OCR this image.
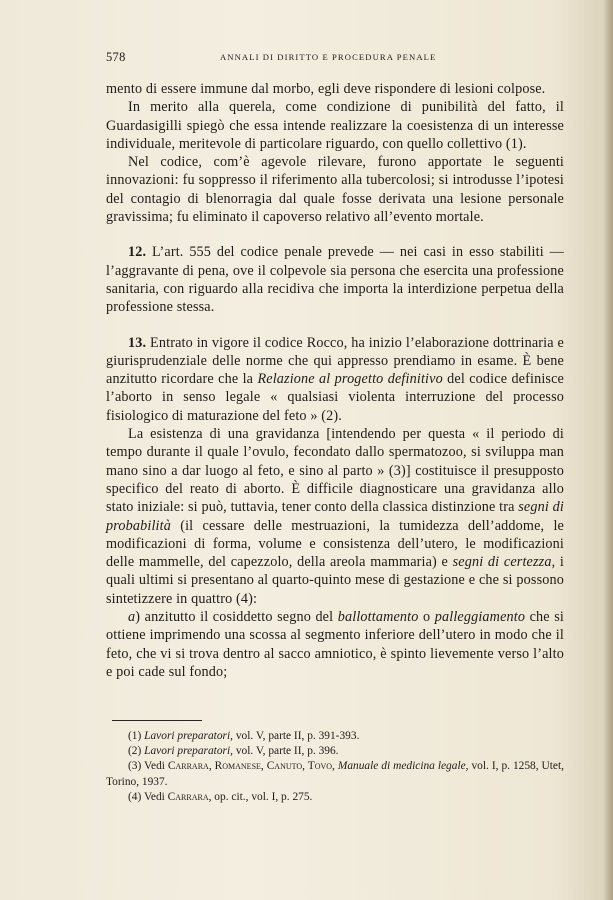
578	ANNALI DI DIRITTO E PROCEDURA PENALE

mento di essere immune dal morbo, egli deve rispondere di lesioni colpose.

In merito alla querela, come condizione di punibilità del fatto, il Guardasigilli spiegò che essa intende realizzare la coesistenza di un interesse individuale, meritevole di particolare riguardo, con quello collettivo (1).

Nel codice, com’è agevole rilevare, furono apportate le seguenti innovazioni: fu soppresso il riferimento alla tubercolosi; si introdusse l’ipotesi del contagio di blenorragia dal quale fosse derivata una lesione personale gravissima; fu eliminato il capoverso relativo all’evento mortale.

12. L’art. 555 del codice penale prevede — nei casi in esso stabiliti — l’aggravante di pena, ove il colpevole sia persona che esercita una professione sanitaria, con riguardo alla recidiva che importa la interdizione perpetua della professione stessa.

13. Entrato in vigore il codice Rocco, ha inizio l’elaborazione dottrinaria e giurisprudenziale delle norme che qui appresso prendiamo in esame. È bene anzitutto ricordare che la Relazione al progetto definitivo del codice definisce l’aborto in senso legale « qualsiasi violenta interruzione del processo fisiologico di maturazione del feto » (2).

La esistenza di una gravidanza [intendendo per questa « il periodo di tempo durante il quale l’ovulo, fecondato dallo spermatozoo, si sviluppa man mano sino a dar luogo al feto, e sino al parto » (3)] costituisce il presupposto specifico del reato di aborto. È difficile diagnosticare una gravidanza allo stato iniziale: si può, tuttavia, tener conto della classica distinzione tra segni di probabilità (il cessare delle mestruazioni, la tumidezza dell’addome, le modificazioni di forma, volume e consistenza dell’utero, le modificazioni delle mammelle, del capezzolo, della areola mammaria) e segni di certezza, i quali ultimi si presentano al quarto-quinto mese di gestazione e che si possono sintetizzere in quattro (4):

a) anzitutto il cosiddetto segno del ballottamento o palleggiamento che si ottiene imprimendo una scossa al segmento inferiore dell’utero in modo che il feto, che vi si trova dentro al sacco amniotico, è spinto lievemente verso l’alto e poi cade sul fondo;

(1) Lavori preparatori, vol. V, parte II, p. 391-393.

(2) Lavori preparatori, vol. V, parte II, p. 396.

(3) Vedi Carrara, Romanese, Canuto, Tovo, Manuale di medicina legale, vol. I, p. 1258, Utet, Torino, 1937.

(4) Vedi Carrara, op. cit., vol. I, p. 275.
